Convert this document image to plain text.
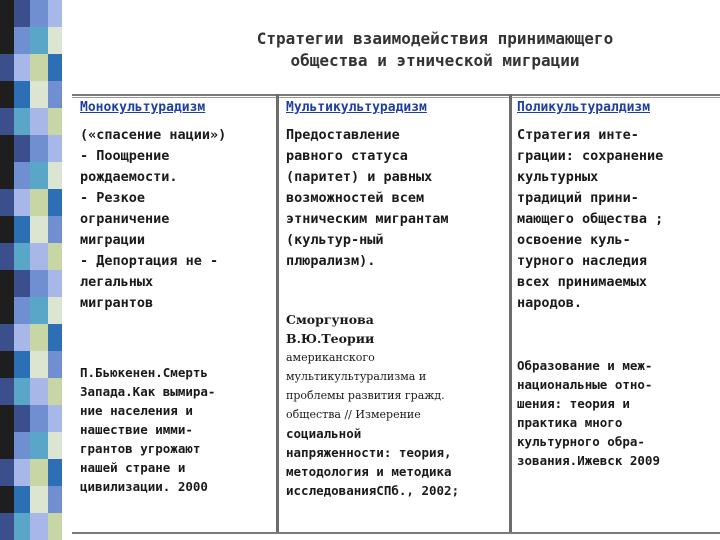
Стратегии взаимодействия принимающего
общества и этнической миграции
Монокультурадизм
(«спасение нации»)
- Поощрение
рождаемости.
- Резкое
ограничение
миграции
- Депортация не -
легальных
мигрантов
П.Бьюкенен.Смерть
Запада.Как вымира-
ние населения и
нашествие имми-
грантов угрожают
нашей стране и
цивилизации. 2000
Мультикультурадизм
Предоставление
равного статуса
(паритет) и равных
возможностей всем
этническим мигрантам
(культур-ный
плюрализм).
Сморгунова В.Ю.Теории
американского
мультикультурализма и
проблемы развития гражд.
общества // Измерение
социальной
напряженности: теория,
методология и методика
исследованияСПб., 2002;
Поликультуралдизм
Стратегия инте-
грации: сохранение
культурных
традиций прини-
мающего общества ;
освоение куль-
турного наследия
всех принимаемых
народов.
Образование и меж-
национальные отно-
шения: теория и
практика много
культурного обра-
зования.Ижевск 2009
